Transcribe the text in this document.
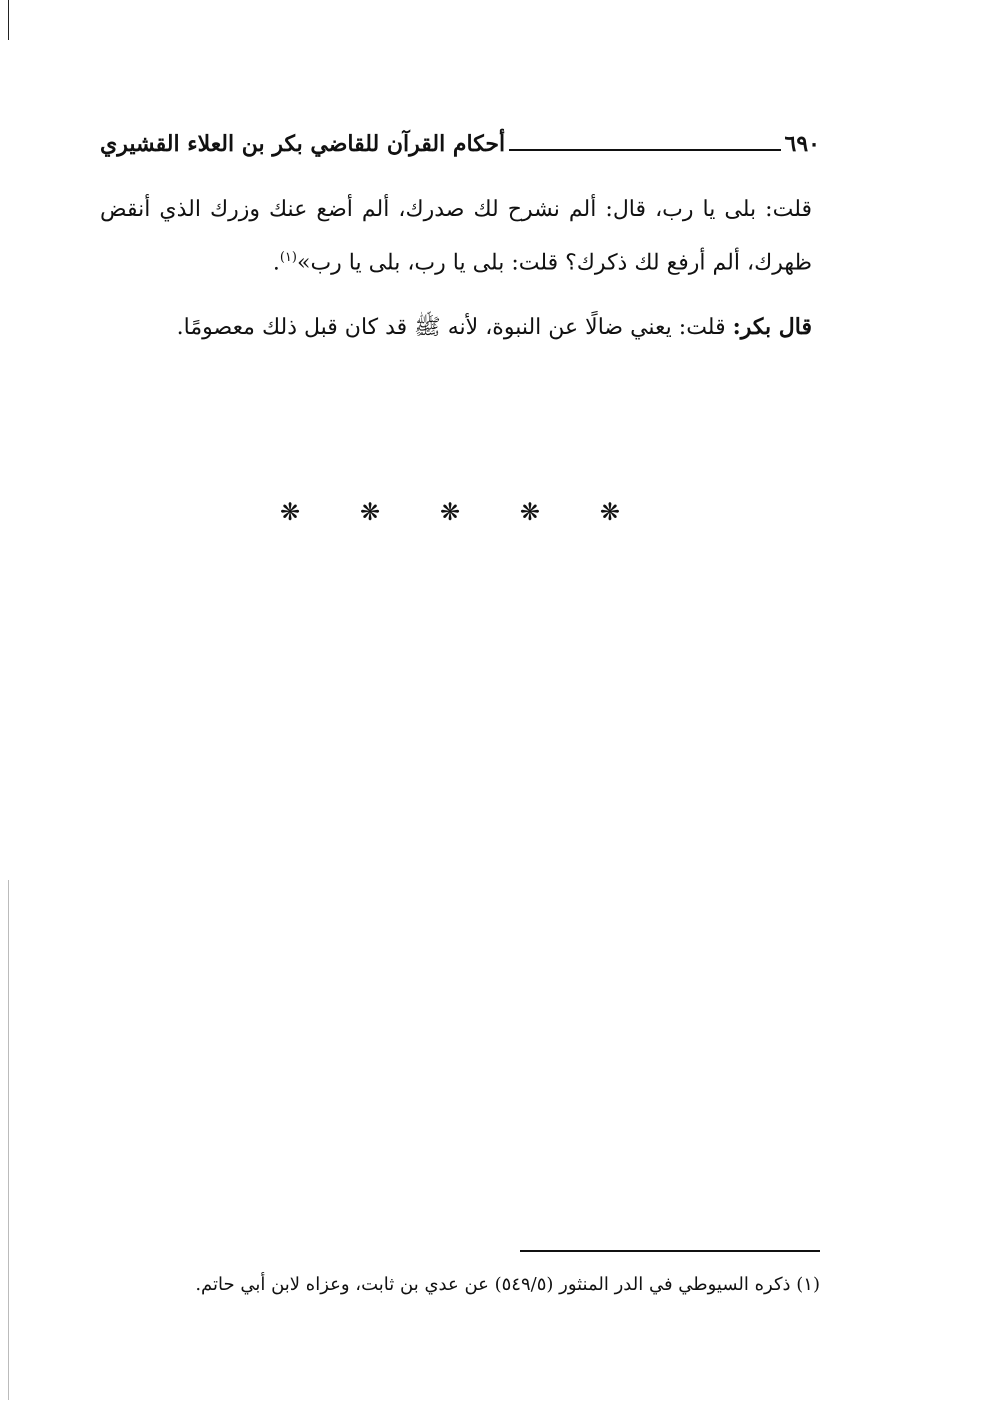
٦٩٠
أحكام القرآن للقاضي بكر بن العلاء القشيري

قلت: بلى يا رب، قال: ألم نشرح لك صدرك، ألم أضع عنك وزرك الذي أنقض ظهرك، ألم أرفع لك ذكرك؟ قلت: بلى يا رب، بلى يا رب»$^{(١)}$.

قال بكر: قلت: يعني ضالًا عن النبوة، لأنه ﷺ قد كان قبل ذلك معصومًا.

❋ ❋ ❋ ❋ ❋
(١) ذكره السيوطي في الدر المنثور (٥٤٩/٥) عن عدي بن ثابت، وعزاه لابن أبي حاتم.
